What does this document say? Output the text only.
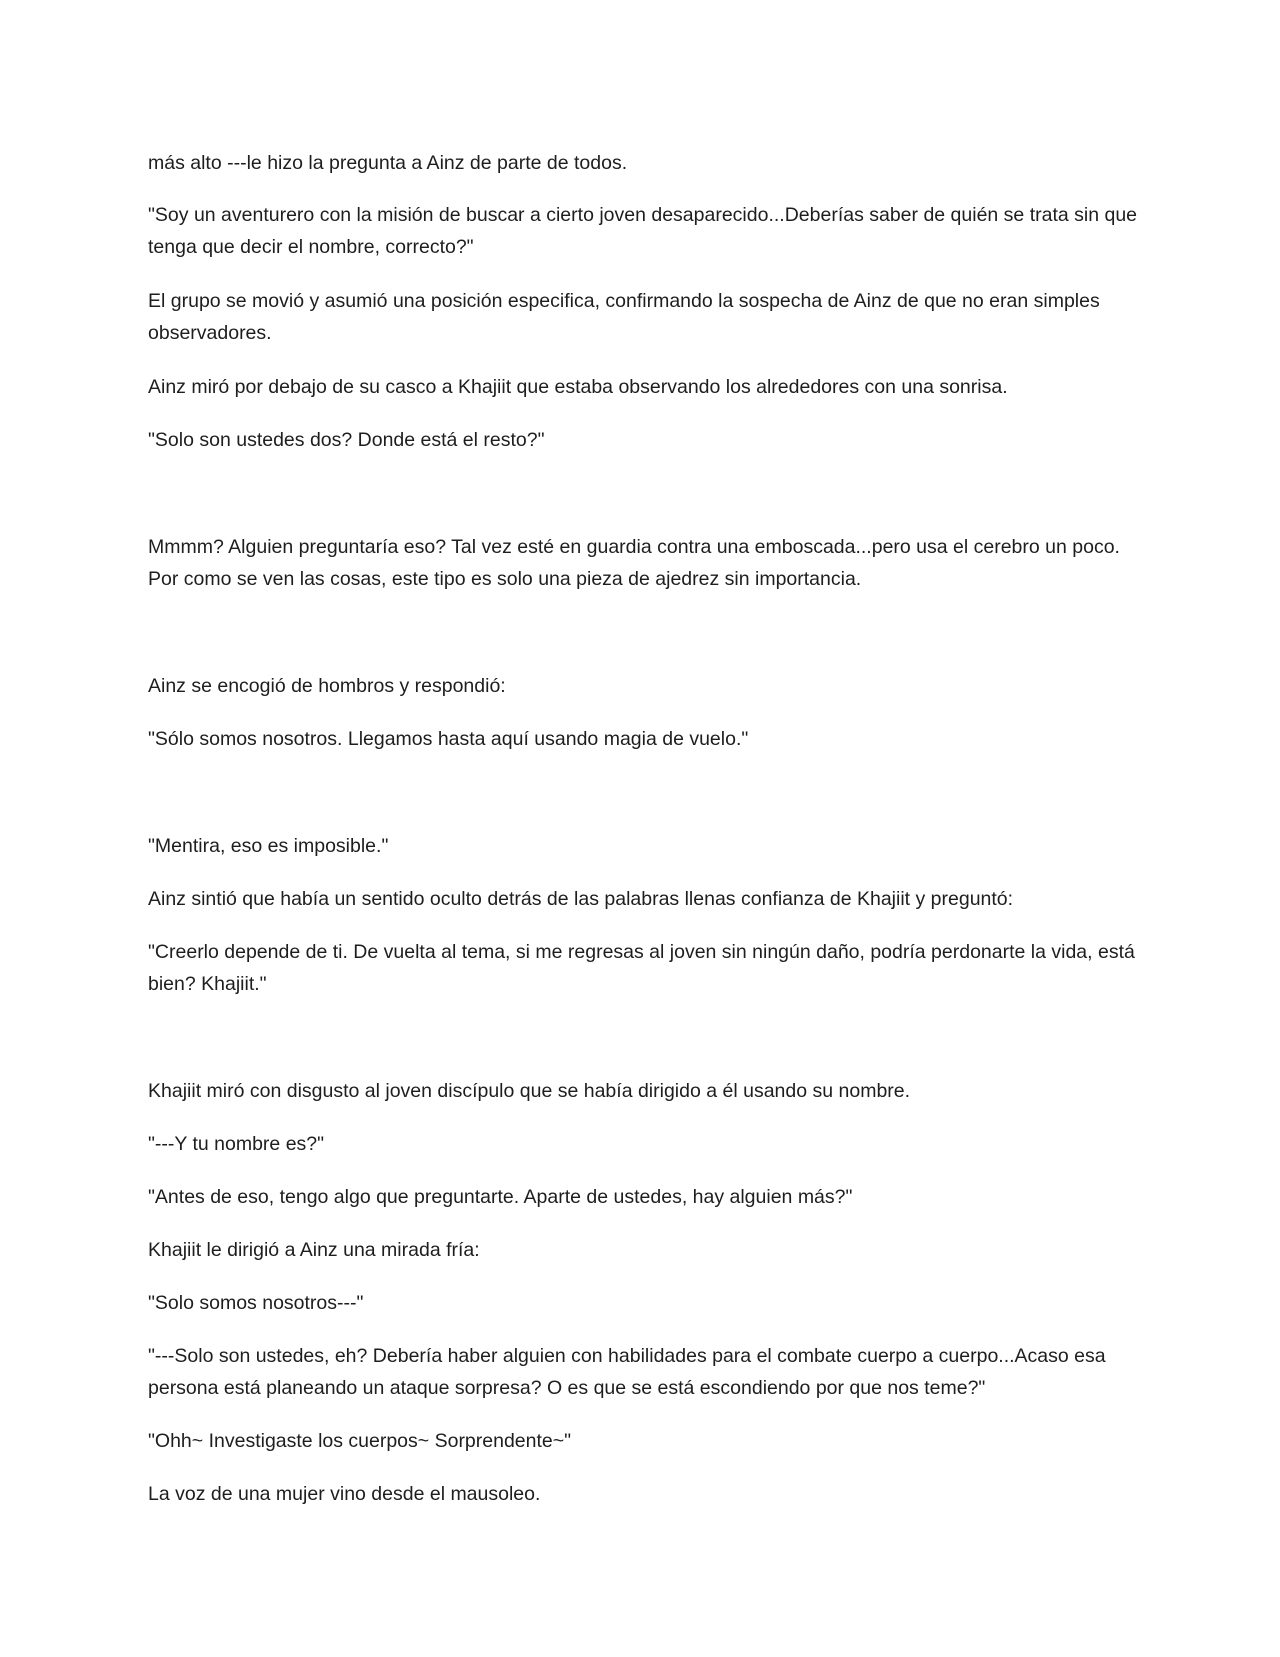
más alto ---le hizo la pregunta a Ainz de parte de todos.

"Soy un aventurero con la misión de buscar a cierto joven desaparecido...Deberías saber de quién se trata sin que tenga que decir el nombre, correcto?"

El grupo se movió y asumió una posición especifica, confirmando la sospecha de Ainz de que no eran simples observadores.

Ainz miró por debajo de su casco a Khajiit que estaba observando los alrededores con una sonrisa.

"Solo son ustedes dos? Donde está el resto?"

Mmmm? Alguien preguntaría eso? Tal vez esté en guardia contra una emboscada...pero usa el cerebro un poco. Por como se ven las cosas, este tipo es solo una pieza de ajedrez sin importancia.

Ainz se encogió de hombros y respondió:

"Sólo somos nosotros. Llegamos hasta aquí usando magia de vuelo."

"Mentira, eso es imposible."

Ainz sintió que había un sentido oculto detrás de las palabras llenas confianza de Khajiit y preguntó:

"Creerlo depende de ti. De vuelta al tema, si me regresas al joven sin ningún daño, podría perdonarte la vida, está bien? Khajiit."

Khajiit miró con disgusto al joven discípulo que se había dirigido a él usando su nombre.

"---Y tu nombre es?"

"Antes de eso, tengo algo que preguntarte. Aparte de ustedes, hay alguien más?"

Khajiit le dirigió a Ainz una mirada fría:

"Solo somos nosotros---"

"---Solo son ustedes, eh? Debería haber alguien con habilidades para el combate cuerpo a cuerpo...Acaso esa persona está planeando un ataque sorpresa? O es que se está escondiendo por que nos teme?"

"Ohh~ Investigaste los cuerpos~ Sorprendente~"

La voz de una mujer vino desde el mausoleo.
